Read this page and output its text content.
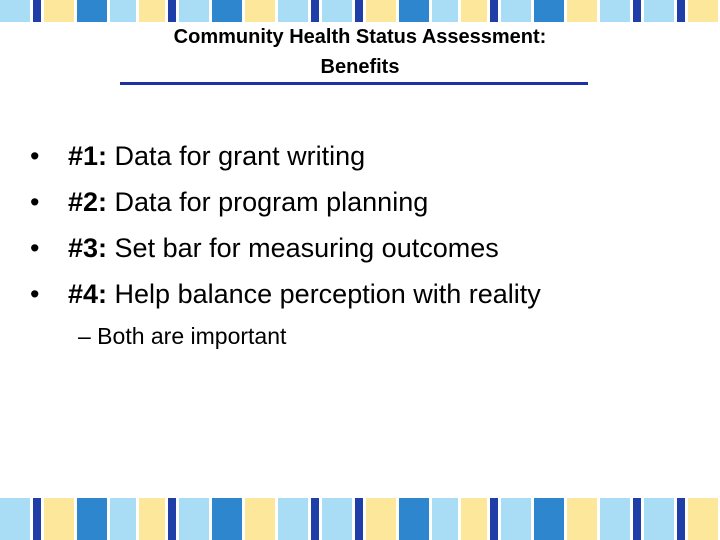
Community Health Status Assessment:
Benefits
• #1: Data for grant writing
• #2: Data for program planning
• #3: Set bar for measuring outcomes
• #4: Help balance perception with reality
– Both are important
